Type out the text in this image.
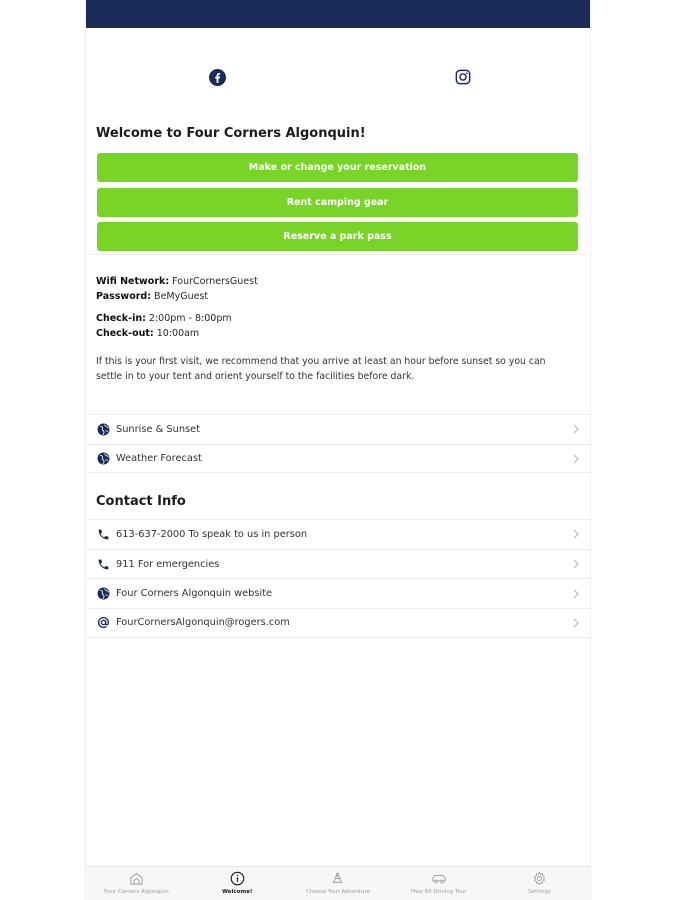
Welcome to Four Corners Algonquin!
Make or change your reservation
Rent camping gear
Reserve a park pass
Wifi Network: FourCornersGuest
Password: BeMyGuest
Check-in: 2:00pm - 8:00pm
Check-out: 10:00am
If this is your first visit, we recommend that you arrive at least an hour before sunset so you can settle in to your tent and orient yourself to the facilities before dark.
Sunrise & Sunset
Weather Forecast
Contact Info
613-637-2000 To speak to us in person
911 For emergencies
Four Corners Algonquin website
FourCornersAlgonquin@rogers.com
Four Corners Algonquin	Welcome!	Choose Your Adventure	Hwy 60 Driving Tour	Settings
